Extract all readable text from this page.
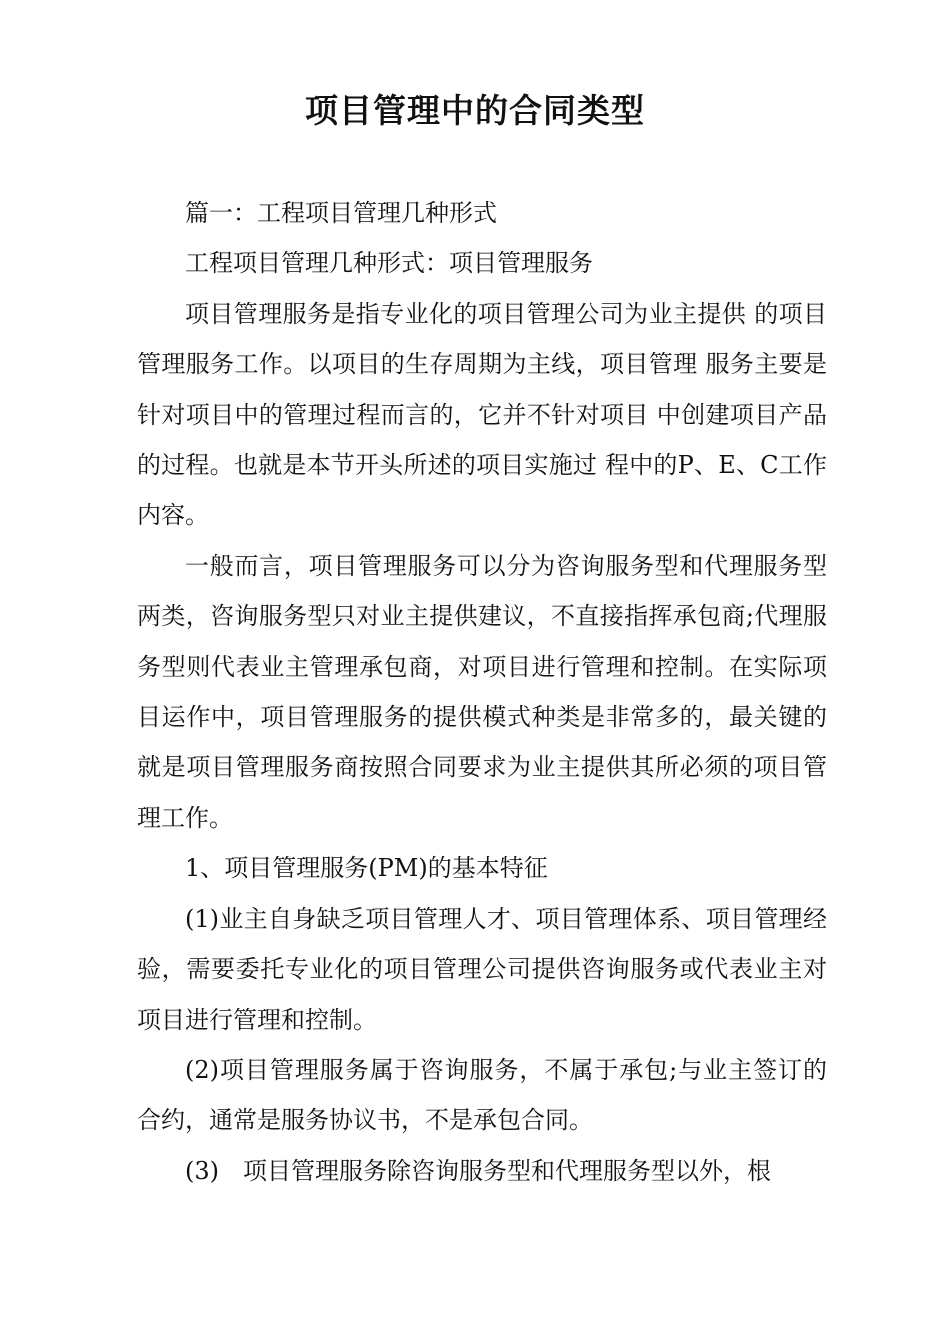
项目管理中的合同类型

篇一：工程项目管理几种形式

工程项目管理几种形式：项目管理服务

项目管理服务是指专业化的项目管理公司为业主提供 的项目管理服务工作。以项目的生存周期为主线，项目管理 服务主要是针对项目中的管理过程而言的，它并不针对项目 中创建项目产品的过程。也就是本节开头所述的项目实施过 程中的P、E、C工作内容。

一般而言，项目管理服务可以分为咨询服务型和代理服务型两类，咨询服务型只对业主提供建议，不直接指挥承包商;代理服务型则代表业主管理承包商，对项目进行管理和控制。在实际项目运作中，项目管理服务的提供模式种类是非常多的，最关键的就是项目管理服务商按照合同要求为业主提供其所必须的项目管理工作。

1、项目管理服务(PM)的基本特征

(1)业主自身缺乏项目管理人才、项目管理体系、项目管理经验，需要委托专业化的项目管理公司提供咨询服务或代表业主对项目进行管理和控制。

(2)项目管理服务属于咨询服务，不属于承包;与业主签订的合约，通常是服务协议书，不是承包合同。

(3)　项目管理服务除咨询服务型和代理服务型以外，根
